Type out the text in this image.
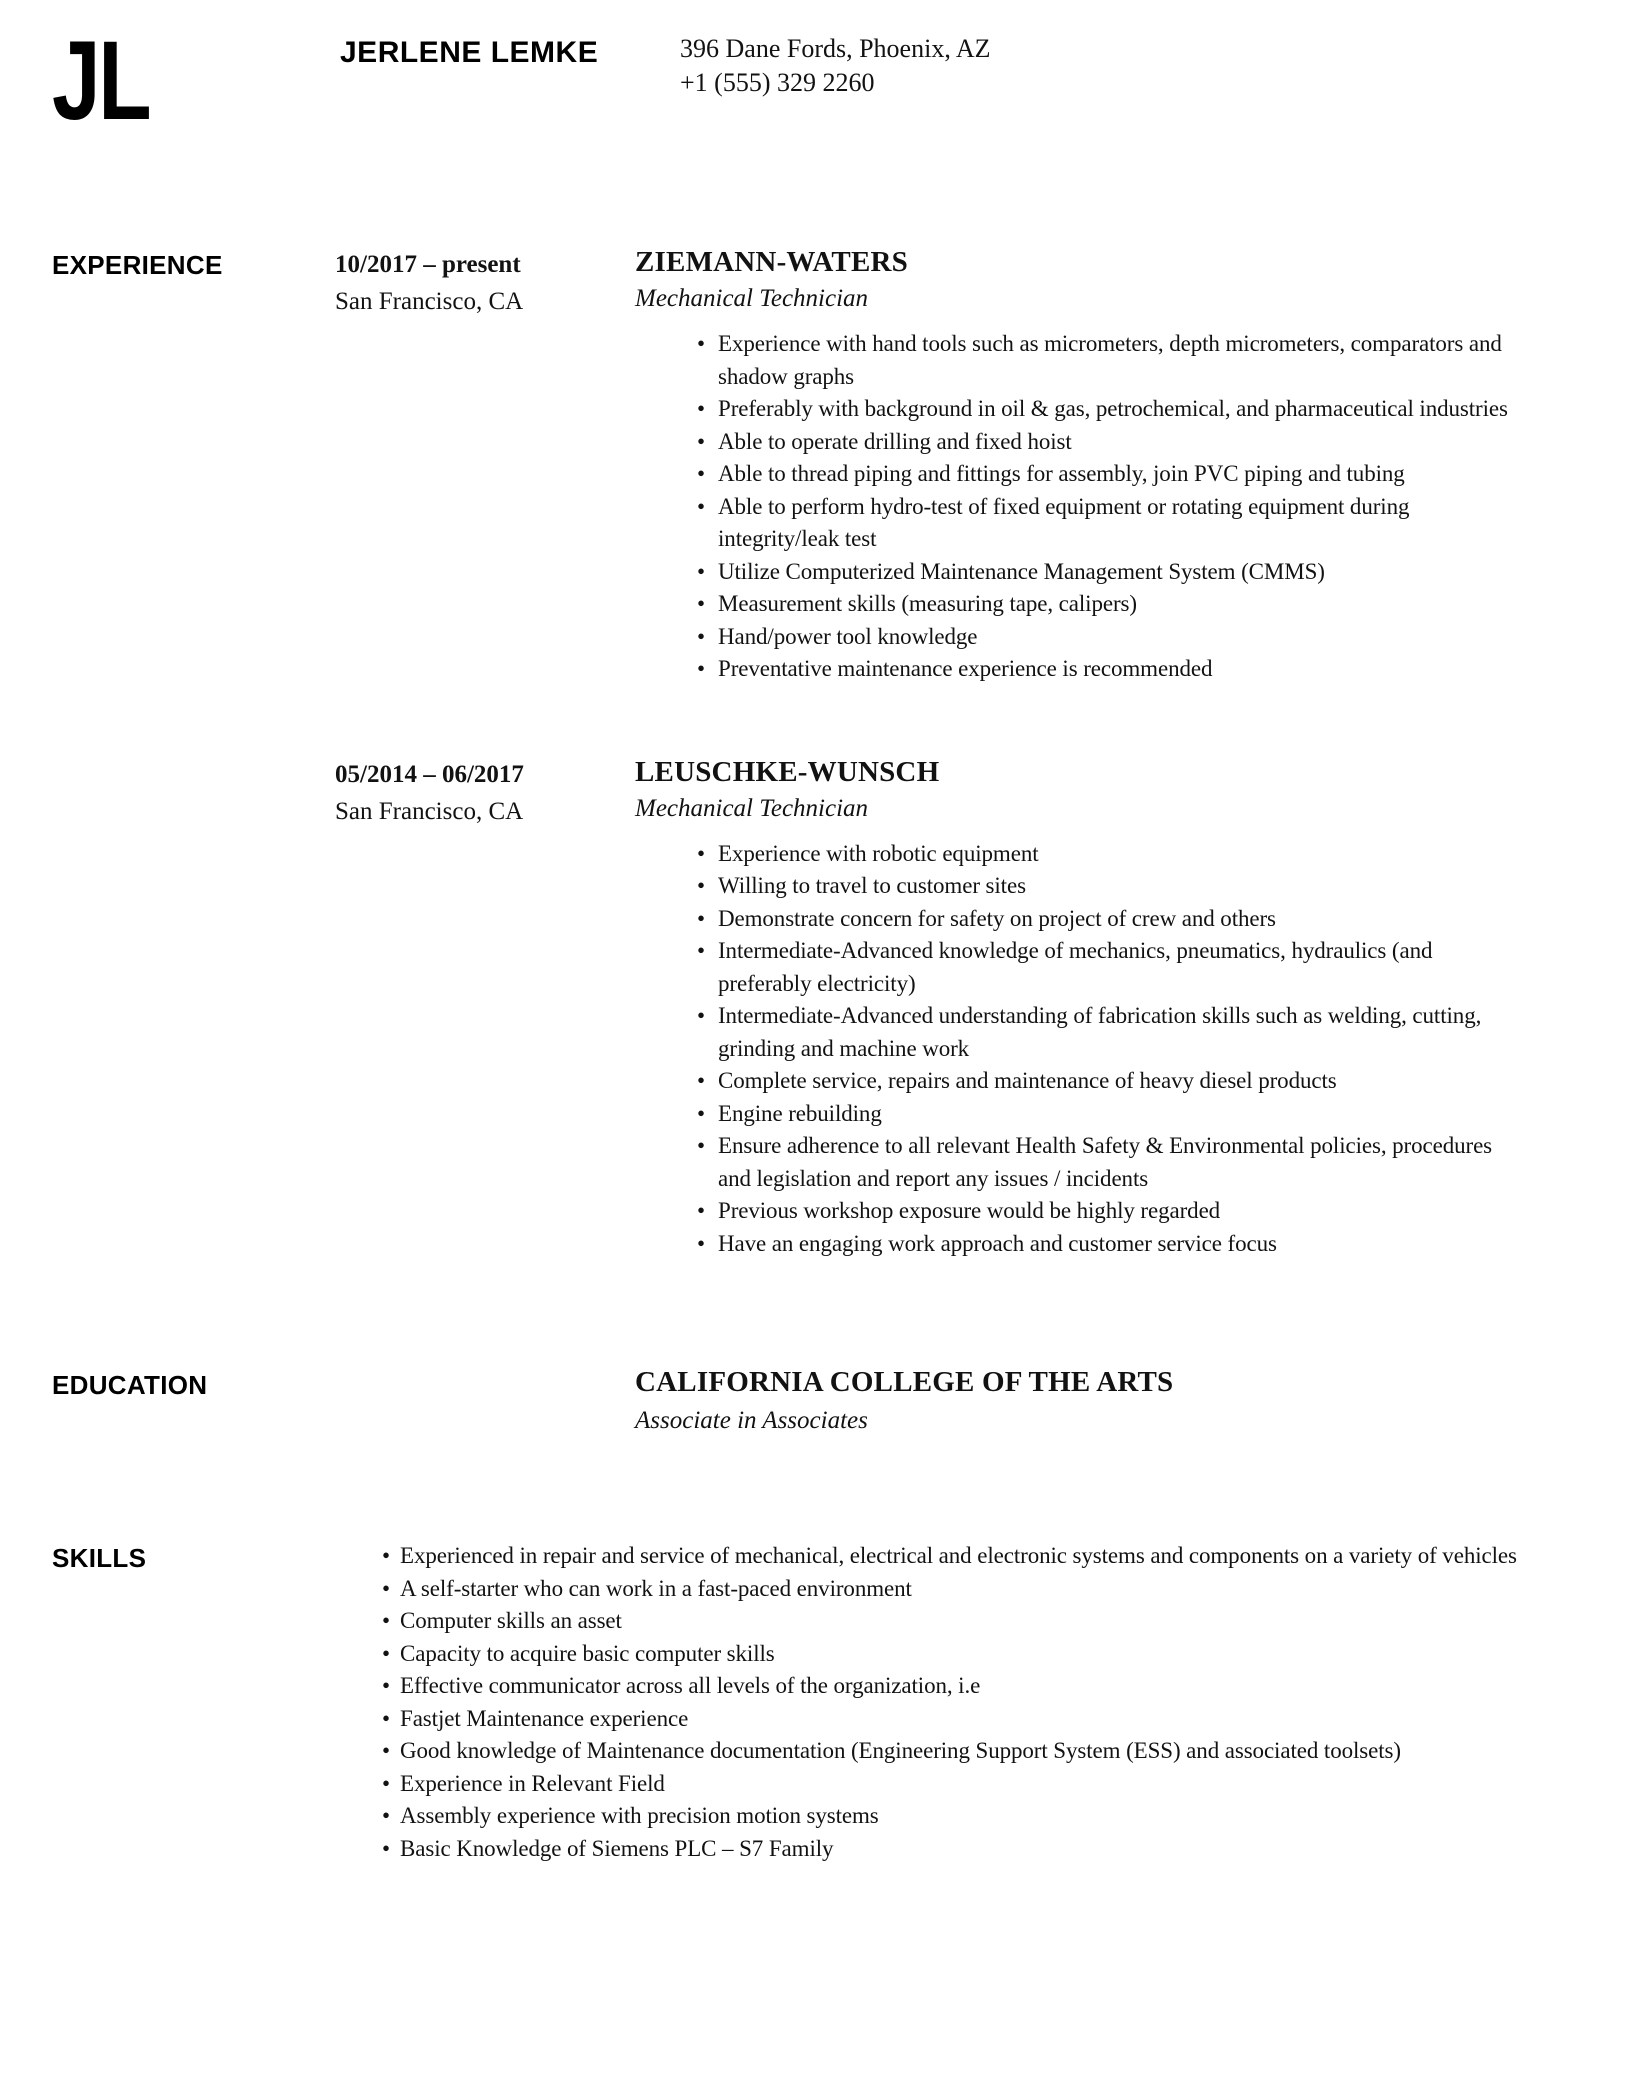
JL	JERLENE LEMKE	396 Dane Fords, Phoenix, AZ
+1 (555) 329 2260
EXPERIENCE	10/2017 – present
San Francisco, CA
ZIEMANN-WATERS
Mechanical Technician
• Experience with hand tools such as micrometers, depth micrometers, comparators and shadow graphs
• Preferably with background in oil & gas, petrochemical, and pharmaceutical industries
• Able to operate drilling and fixed hoist
• Able to thread piping and fittings for assembly, join PVC piping and tubing
• Able to perform hydro-test of fixed equipment or rotating equipment during integrity/leak test
• Utilize Computerized Maintenance Management System (CMMS)
• Measurement skills (measuring tape, calipers)
• Hand/power tool knowledge
• Preventative maintenance experience is recommended
05/2014 – 06/2017
San Francisco, CA
LEUSCHKE-WUNSCH
Mechanical Technician
• Experience with robotic equipment
• Willing to travel to customer sites
• Demonstrate concern for safety on project of crew and others
• Intermediate-Advanced knowledge of mechanics, pneumatics, hydraulics (and preferably electricity)
• Intermediate-Advanced understanding of fabrication skills such as welding, cutting, grinding and machine work
• Complete service, repairs and maintenance of heavy diesel products
• Engine rebuilding
• Ensure adherence to all relevant Health Safety & Environmental policies, procedures and legislation and report any issues / incidents
• Previous workshop exposure would be highly regarded
• Have an engaging work approach and customer service focus
EDUCATION	CALIFORNIA COLLEGE OF THE ARTS
Associate in Associates
SKILLS	• Experienced in repair and service of mechanical, electrical and electronic systems and components on a variety of vehicles
• A self-starter who can work in a fast-paced environment
• Computer skills an asset
• Capacity to acquire basic computer skills
• Effective communicator across all levels of the organization, i.e
• Fastjet Maintenance experience
• Good knowledge of Maintenance documentation (Engineering Support System (ESS) and associated toolsets)
• Experience in Relevant Field
• Assembly experience with precision motion systems
• Basic Knowledge of Siemens PLC – S7 Family
